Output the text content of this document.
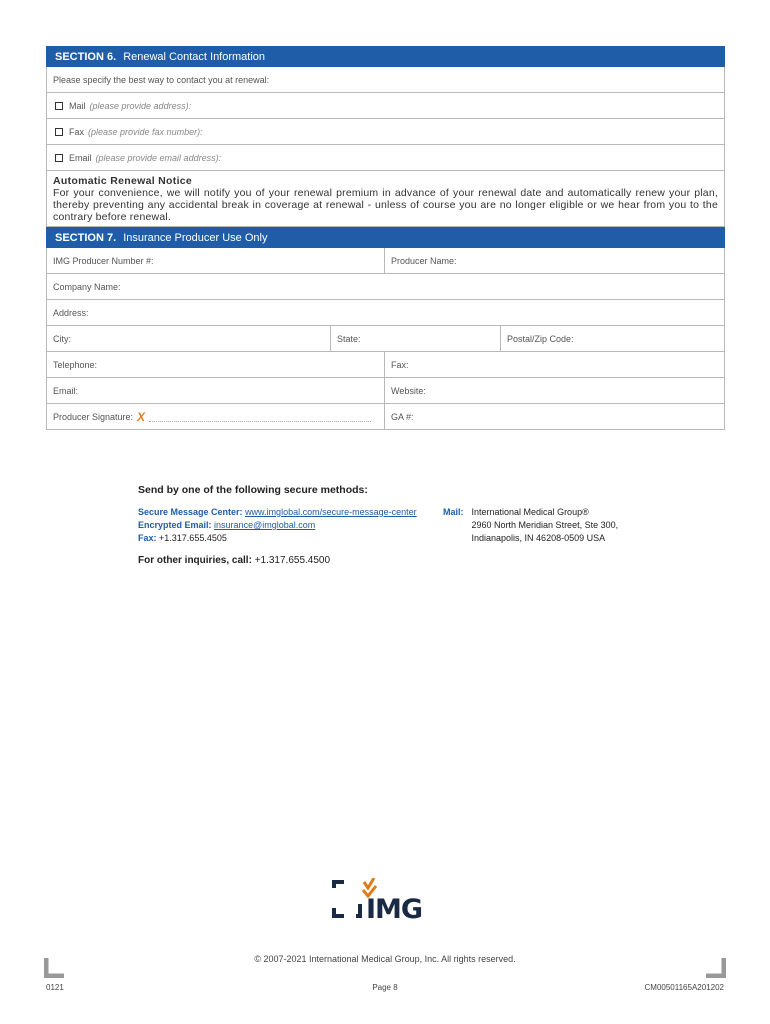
SECTION 6. Renewal Contact Information
Please specify the best way to contact you at renewal:
Mail (please provide address):
Fax (please provide fax number):
Email (please provide email address):
Automatic Renewal Notice
For your convenience, we will notify you of your renewal premium in advance of your renewal date and automatically renew your plan, thereby preventing any accidental break in coverage at renewal - unless of course you are no longer eligible or we hear from you to the contrary before renewal.
SECTION 7. Insurance Producer Use Only
IMG Producer Number #:	Producer Name:
Company Name:
Address:
City:	State:	Postal/Zip Code:
Telephone:	Fax:
Email:	Website:
Producer Signature: X	GA #:
Send by one of the following secure methods:
Secure Message Center: www.imglobal.com/secure-message-center
Encrypted Email: insurance@imglobal.com
Fax: +1.317.655.4505
Mail: International Medical Group®
2960 North Meridian Street, Ste 300,
Indianapolis, IN 46208-0509 USA
For other inquiries, call: +1.317.655.4500
IMG
© 2007-2021 International Medical Group, Inc. All rights reserved.
0121	Page 8	CM00501165A201202
